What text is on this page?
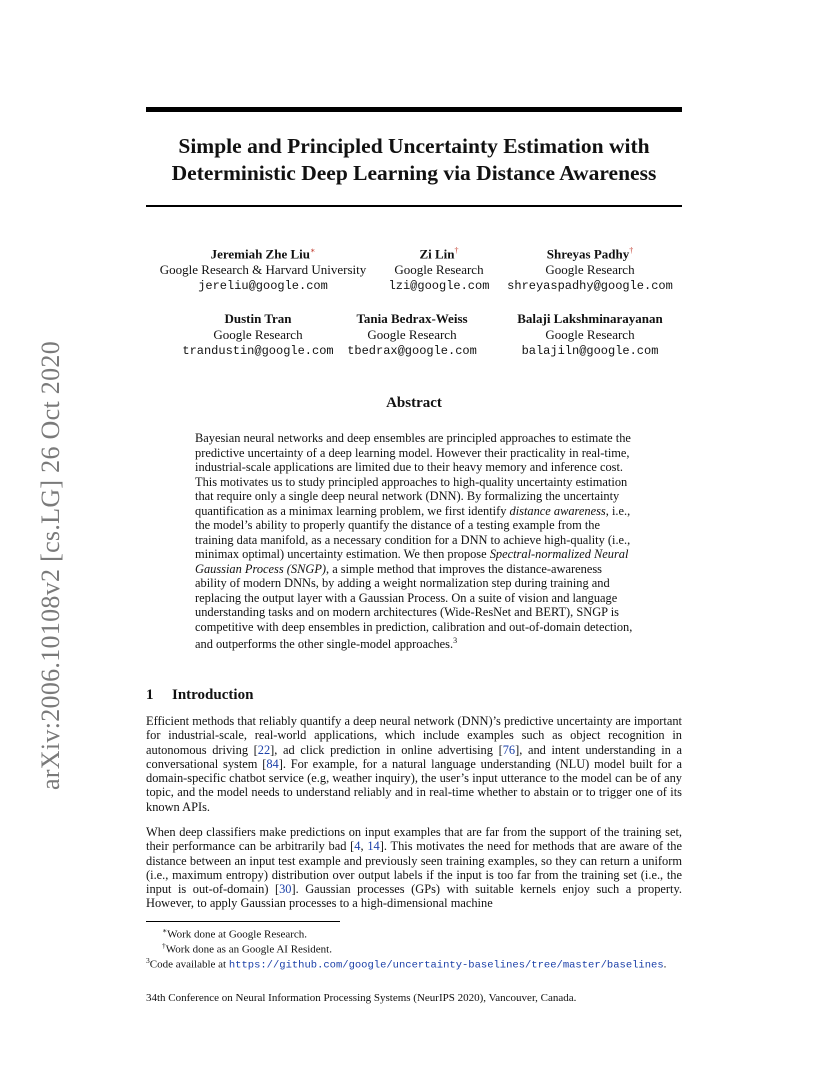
arXiv:2006.10108v2 [cs.LG] 26 Oct 2020
Simple and Principled Uncertainty Estimation with
Deterministic Deep Learning via Distance Awareness
Jeremiah Zhe Liu∗
Google Research & Harvard University
jereliu@google.com
Zi Lin†
Google Research
lzi@google.com
Shreyas Padhy†
Google Research
shreyaspadhy@google.com
Dustin Tran
Google Research
trandustin@google.com
Tania Bedrax-Weiss
Google Research
tbedrax@google.com
Balaji Lakshminarayanan
Google Research
balajiln@google.com
Abstract
Bayesian neural networks and deep ensembles are principled approaches to estimate the predictive uncertainty of a deep learning model. However their practicality in real-time, industrial-scale applications are limited due to their heavy memory and inference cost. This motivates us to study principled approaches to high-quality uncertainty estimation that require only a single deep neural network (DNN). By formalizing the uncertainty quantification as a minimax learning problem, we first identify distance awareness, i.e., the model’s ability to properly quantify the distance of a testing example from the training data manifold, as a necessary condition for a DNN to achieve high-quality (i.e., minimax optimal) uncertainty estimation. We then propose Spectral-normalized Neural Gaussian Process (SNGP), a simple method that improves the distance-awareness ability of modern DNNs, by adding a weight normalization step during training and replacing the output layer with a Gaussian Process. On a suite of vision and language understanding tasks and on modern architectures (Wide-ResNet and BERT), SNGP is competitive with deep ensembles in prediction, calibration and out-of-domain detection, and outperforms the other single-model approaches.$^3$
1 Introduction
Efficient methods that reliably quantify a deep neural network (DNN)’s predictive uncertainty are important for industrial-scale, real-world applications, which include examples such as object recognition in autonomous driving [22], ad click prediction in online advertising [76], and intent understanding in a conversational system [84]. For example, for a natural language understanding (NLU) model built for a domain-specific chatbot service (e.g, weather inquiry), the user’s input utterance to the model can be of any topic, and the model needs to understand reliably and in real-time whether to abstain or to trigger one of its known APIs.
When deep classifiers make predictions on input examples that are far from the support of the training set, their performance can be arbitrarily bad [4, 14]. This motivates the need for methods that are aware of the distance between an input test example and previously seen training examples, so they can return a uniform (i.e., maximum entropy) distribution over output labels if the input is too far from the training set (i.e., the input is out-of-domain) [30]. Gaussian processes (GPs) with suitable kernels enjoy such a property. However, to apply Gaussian processes to a high-dimensional machine
∗Work done at Google Research.
†Work done as an Google AI Resident.
$^3$Code available at https://github.com/google/uncertainty-baselines/tree/master/baselines.
34th Conference on Neural Information Processing Systems (NeurIPS 2020), Vancouver, Canada.
